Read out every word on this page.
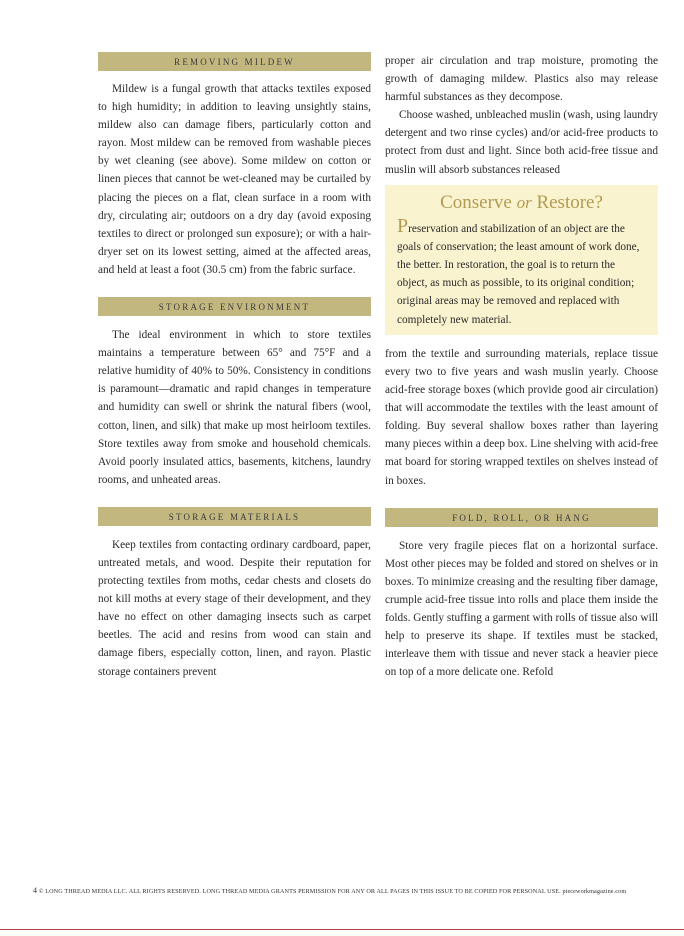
REMOVING MILDEW

Mildew is a fungal growth that attacks textiles exposed to high humidity; in addition to leaving unsightly stains, mildew also can damage fibers, particularly cotton and rayon. Most mildew can be removed from washable pieces by wet cleaning (see above). Some mildew on cotton or linen pieces that cannot be wet-cleaned may be curtailed by placing the pieces on a flat, clean surface in a room with dry, circulating air; outdoors on a dry day (avoid exposing textiles to direct or prolonged sun exposure); or with a hair-dryer set on its lowest setting, aimed at the affected areas, and held at least a foot (30.5 cm) from the fabric surface.

STORAGE ENVIRONMENT

The ideal environment in which to store textiles maintains a temperature between 65° and 75°F and a relative humidity of 40% to 50%. Consistency in conditions is paramount—dramatic and rapid changes in temperature and humidity can swell or shrink the natural fibers (wool, cotton, linen, and silk) that make up most heirloom textiles. Store textiles away from smoke and household chemicals. Avoid poorly insulated attics, basements, kitchens, laundry rooms, and unheated areas.

STORAGE MATERIALS

Keep textiles from contacting ordinary cardboard, paper, untreated metals, and wood. Despite their reputation for protecting textiles from moths, cedar chests and closets do not kill moths at every stage of their development, and they have no effect on other damaging insects such as carpet beetles. The acid and resins from wood can stain and damage fibers, especially cotton, linen, and rayon. Plastic storage containers prevent

proper air circulation and trap moisture, promoting the growth of damaging mildew. Plastics also may release harmful substances as they decompose.

Choose washed, unbleached muslin (wash, using laundry detergent and two rinse cycles) and/or acid-free products to protect from dust and light. Since both acid-free tissue and muslin will absorb substances released

Conserve or Restore?

Preservation and stabilization of an object are the goals of conservation; the least amount of work done, the better. In restoration, the goal is to return the object, as much as possible, to its original condition; original areas may be removed and replaced with completely new material.

from the textile and surrounding materials, replace tissue every two to five years and wash muslin yearly. Choose acid-free storage boxes (which provide good air circulation) that will accommodate the textiles with the least amount of folding. Buy several shallow boxes rather than layering many pieces within a deep box. Line shelving with acid-free mat board for storing wrapped textiles on shelves instead of in boxes.

FOLD, ROLL, OR HANG

Store very fragile pieces flat on a horizontal surface. Most other pieces may be folded and stored on shelves or in boxes. To minimize creasing and the resulting fiber damage, crumple acid-free tissue into rolls and place them inside the folds. Gently stuffing a garment with rolls of tissue also will help to preserve its shape. If textiles must be stacked, interleave them with tissue and never stack a heavier piece on top of a more delicate one. Refold

4 © LONG THREAD MEDIA LLC. ALL RIGHTS RESERVED. LONG THREAD MEDIA GRANTS PERMISSION FOR ANY OR ALL PAGES IN THIS ISSUE TO BE COPIED FOR PERSONAL USE. pieceworkmagazine.com
